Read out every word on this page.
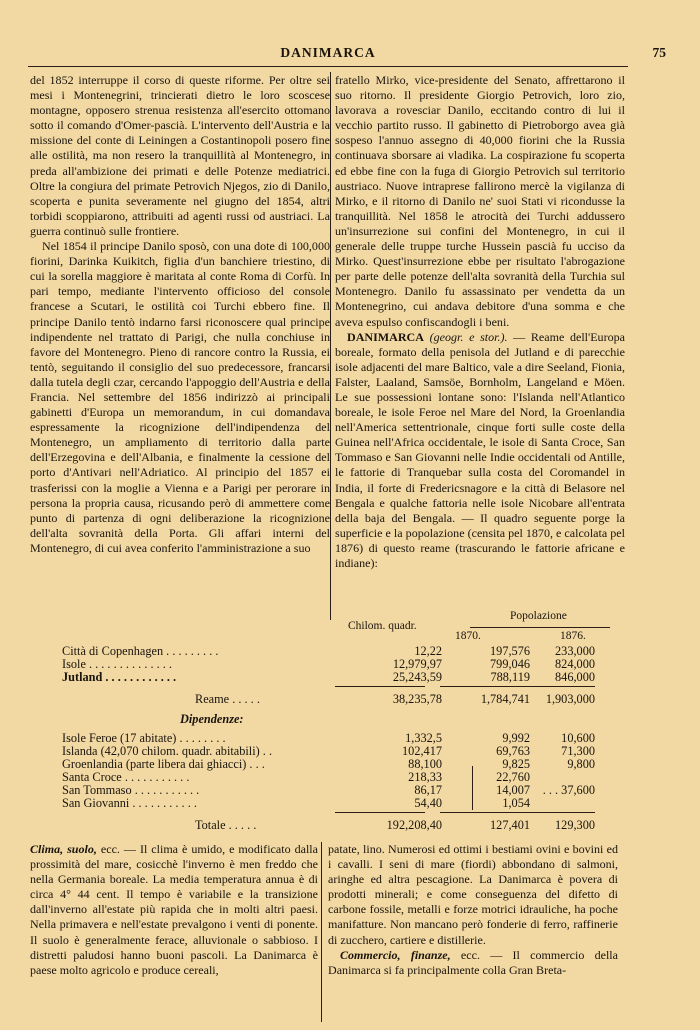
DANIMARCA	75

del 1852 interruppe il corso di queste riforme. Per oltre sei mesi i Montenegrini, trincierati dietro le loro scoscese montagne, opposero strenua resistenza all'esercito ottomano sotto il comando d'Omer-pascià. L'intervento dell'Austria e la missione del conte di Leiningen a Costantinopoli posero fine alle ostilità, ma non resero la tranquillità al Montenegro, in preda all'ambizione dei primati e delle Potenze mediatrici. Oltre la congiura del primate Petrovich Njegos, zio di Danilo, scoperta e punita severamente nel giugno del 1854, altri torbidi scoppiarono, attribuiti ad agenti russi od austriaci. La guerra continuò sulle frontiere.

Nel 1854 il principe Danilo sposò, con una dote di 100,000 fiorini, Darinka Kuikitch, figlia d'un banchiere triestino, di cui la sorella maggiore è maritata al conte Roma di Corfù. In pari tempo, mediante l'intervento officioso del console francese a Scutari, le ostilità coi Turchi ebbero fine. Il principe Danilo tentò indarno farsi riconoscere qual principe indipendente nel trattato di Parigi, che nulla conchiuse in favore del Montenegro. Pieno di rancore contro la Russia, ei tentò, seguitando il consiglio del suo predecessore, francarsi dalla tutela degli czar, cercando l'appoggio dell'Austria e della Francia. Nel settembre del 1856 indirizzò ai principali gabinetti d'Europa un memorandum, in cui domandava espressamente la ricognizione dell'indipendenza del Montenegro, un ampliamento di territorio dalla parte dell'Erzegovina e dell'Albania, e finalmente la cessione del porto d'Antivari nell'Adriatico. Al principio del 1857 ei trasferissi con la moglie a Vienna e a Parigi per perorare in persona la propria causa, ricusando però di ammettere come punto di partenza di ogni deliberazione la ricognizione dell'alta sovranità della Porta. Gli affari interni del Montenegro, di cui avea conferito l'amministrazione a suo

fratello Mirko, vice-presidente del Senato, affrettarono il suo ritorno. Il presidente Giorgio Petrovich, loro zio, lavorava a rovesciar Danilo, eccitando contro di lui il vecchio partito russo. Il gabinetto di Pietroborgo avea già sospeso l'annuo assegno di 40,000 fiorini che la Russia continuava sborsare ai vladika. La cospirazione fu scoperta ed ebbe fine con la fuga di Giorgio Petrovich sul territorio austriaco. Nuove intraprese fallirono mercè la vigilanza di Mirko, e il ritorno di Danilo ne' suoi Stati vi ricondusse la tranquillità. Nel 1858 le atrocità dei Turchi addussero un'insurrezione sui confini del Montenegro, in cui il generale delle truppe turche Hussein pascià fu ucciso da Mirko. Quest'insurrezione ebbe per risultato l'abrogazione per parte delle potenze dell'alta sovranità della Turchia sul Montenegro. Danilo fu assassinato per vendetta da un Montenegrino, cui andava debitore d'una somma e che aveva espulso confiscandogli i beni.

DANIMARCA (geogr. e stor.). — Reame dell'Europa boreale, formato della penisola del Jutland e di parecchie isole adjacenti del mare Baltico, vale a dire Seeland, Fionia, Falster, Laaland, Samsöe, Bornholm, Langeland e Möen. Le sue possessioni lontane sono: l'Islanda nell'Atlantico boreale, le isole Feroe nel Mare del Nord, la Groenlandia nell'America settentrionale, cinque forti sulle coste della Guinea nell'Africa occidentale, le isole di Santa Croce, San Tommaso e San Giovanni nelle Indie occidentali od Antille, le fattorie di Tranquebar sulla costa del Coromandel in India, il forte di Fredericsnagore e la città di Belasore nel Bengala e qualche fattoria nelle isole Nicobare all'entrata della baja del Bengala. — Il quadro seguente porge la superficie e la popolazione (censita pel 1870, e calcolata pel 1876) di questo reame (trascurando le fattorie africane e indiane):

Popolazione
Chilom. quadr.
1870.	1876.
Città di Copenhagen . . . . . . . . .	12,22	197,576 233,000
Isole . . . . . . . . . . . . . .	12,979,97	799,046 824,000
Jutland . . . . . . . . . . . .	25,243,59	788,119 846,000
Reame . . . . .	38,235,78	1,784,741 1,903,000
Dipendenze:
Isole Feroe (17 abitate) . . . . . . . .	1,332,5	9,992	10,600
Islanda (42,070 chilom. quadr. abitabili) . .	102,417	69,763	71,300
Groenlandia (parte libera dai ghiacci) . . .	88,100	9,825	9,800
Santa Croce . . . . . . . . . . .	218,33	22,760
San Tommaso . . . . . . . . . . .	86,17	14,007 . . . 37,600
San Giovanni . . . . . . . . . . .	54,40	1,054
Totale . . . . .	192,208,40	127,401 129,300

Clima, suolo, ecc. — Il clima è umido, e modificato dalla prossimità del mare, cosicchè l'inverno è men freddo che nella Germania boreale. La media temperatura annua è di circa 4° 44 cent. Il tempo è variabile e la transizione dall'inverno all'estate più rapida che in molti altri paesi. Nella primavera e nell'estate prevalgono i venti di ponente. Il suolo è generalmente ferace, alluvionale o sabbioso. I distretti paludosi hanno buoni pascoli. La Danimarca è paese molto agricolo e produce cereali,

patate, lino. Numerosi ed ottimi i bestiami ovini e bovini ed i cavalli. I seni di mare (fiordi) abbondano di salmoni, aringhe ed altra pescagione. La Danimarca è povera di prodotti minerali; e come conseguenza del difetto di carbone fossile, metalli e forze motrici idrauliche, ha poche manifatture. Non mancano però fonderie di ferro, raffinerie di zucchero, cartiere e distillerie.

Commercio, finanze, ecc. — Il commercio della Danimarca si fa principalmente colla Gran Breta-
